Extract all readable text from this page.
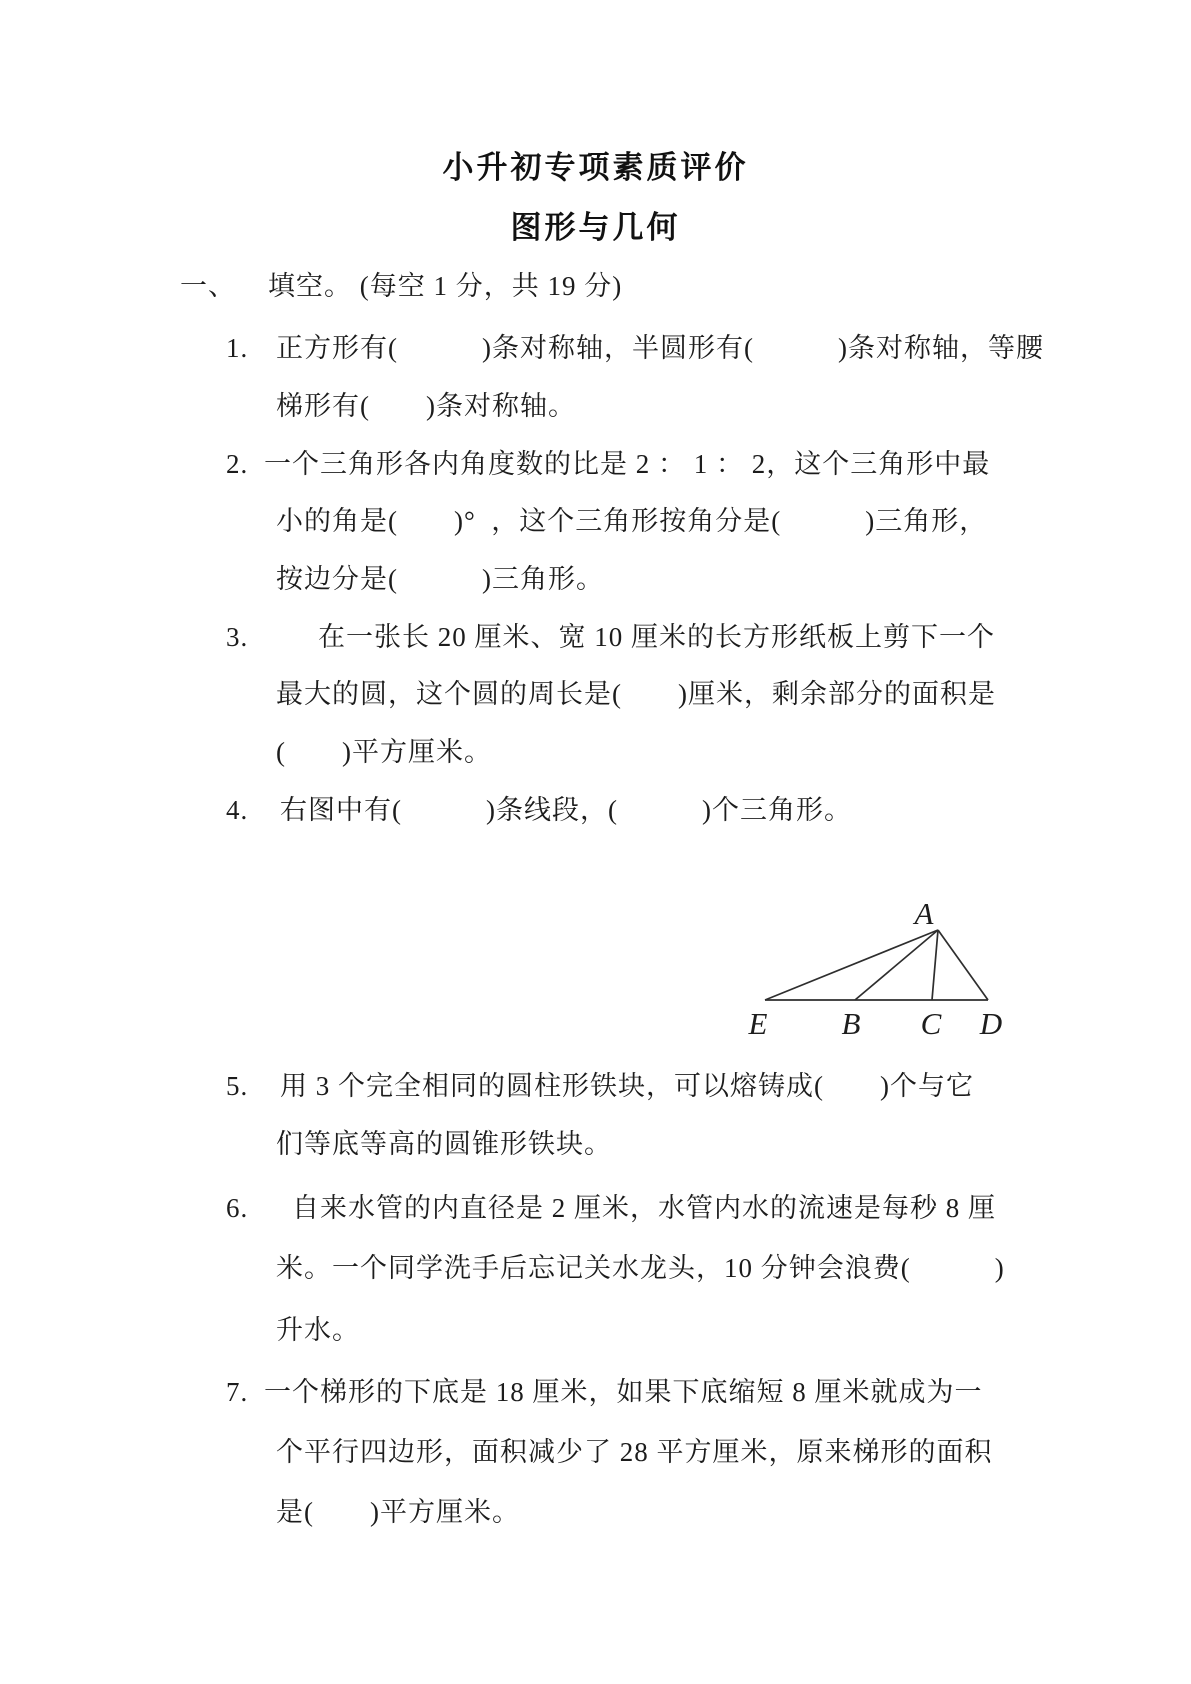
小升初专项素质评价
图形与几何
一、 填空。 (每空 1 分，共 19 分)
1. 正方形有(　　　)条对称轴，半圆形有(　　　)条对称轴，等腰
梯形有(　　)条对称轴。
2. 一个三角形各内角度数的比是 2 ： 1 ： 2，这个三角形中最
小的角是(　　)°  ，这个三角形按角分是(　　　)三角形，
按边分是(　　　)三角形。
3.	在一张长 20 厘米、宽 10 厘米的长方形纸板上剪下一个
最大的圆，这个圆的周长是(　　)厘米，剩余部分的面积是
(　　)平方厘米。
4. 右图中有(　　　)条线段，(　　　)个三角形。
A
E B C D
5. 用 3 个完全相同的圆柱形铁块，可以熔铸成(　　)个与它
们等底等高的圆锥形铁块。
6. 自来水管的内直径是 2 厘米，水管内水的流速是每秒 8 厘
米。一个同学洗手后忘记关水龙头，10 分钟会浪费(　　　)
升水。
7. 一个梯形的下底是 18 厘米，如果下底缩短 8 厘米就成为一
个平行四边形，面积减少了 28 平方厘米，原来梯形的面积
是(　　)平方厘米。
